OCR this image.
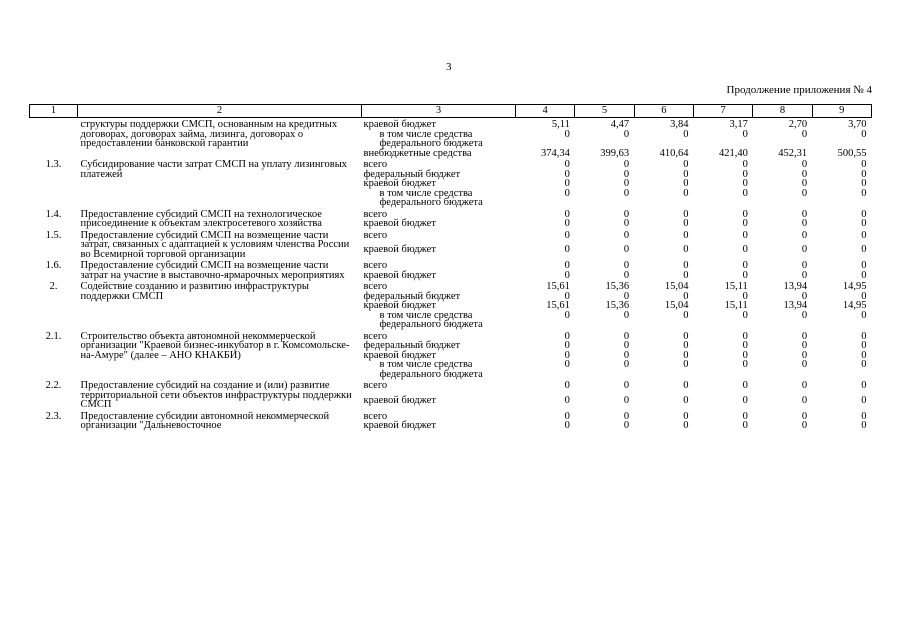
3
Продолжение приложения № 4
1	2	3	4	5	6	7	8	9
	структуры поддержки СМСП, основанным на кредитных договорах, договорах займа, лизинга, договорах о предоставлении банковской гарантии	краевой бюджет	5,11	4,47	3,84	3,17	2,70	3,70

		в том числе средства федерального бюджета	0	0	0	0	0	0

		внебюджетные средства	374,34	399,63	410,64	421,40	452,31	500,55
1.3.	Субсидирование части затрат СМСП на уплату лизинговых платежей	всего	0	0	0	0	0	0
		федеральный бюджет	0	0	0	0	0	0
		краевой бюджет	0	0	0	0	0	0

		в том числе средства федерального бюджета	0	0	0	0	0	0
1.4.	Предоставление субсидий СМСП на технологическое присоединение к объектам электросетевого хозяйства	всего	0	0	0	0	0	0
		краевой бюджет	0	0	0	0	0	0
1.5.	Предоставление субсидий СМСП на возмещение части затрат, связанных с адаптацией к условиям членства России во Всемирной торговой организации	всего	0	0	0	0	0	0
		краевой бюджет	0	0	0	0	0	0
1.6.	Предоставление субсидий СМСП на возмещение части затрат на участие в выставочно-ярмарочных мероприятиях	всего	0	0	0	0	0	0
		краевой бюджет	0	0	0	0	0	0
2.	Содействие созданию и развитию инфраструктуры поддержки СМСП	всего	15,61	15,36	15,04	15,11	13,94	14,95
		федеральный бюджет	0	0	0	0	0	0
		краевой бюджет	15,61	15,36	15,04	15,11	13,94	14,95

		в том числе средства федерального бюджета	0	0	0	0	0	0
2.1.	Строительство объекта автономной некоммерческой организации "Краевой бизнес-инкубатор в г. Комсомольске-на-Амуре" (далее – АНО КНАКБИ)	всего	0	0	0	0	0	0
		федеральный бюджет	0	0	0	0	0	0
		краевой бюджет	0	0	0	0	0	0

		в том числе средства федерального бюджета	0	0	0	0	0	0
2.2.	Предоставление субсидий на создание и (или) развитие территориальной сети объектов инфраструктуры поддержки СМСП	всего	0	0	0	0	0	0
		краевой бюджет	0	0	0	0	0	0
2.3.	Предоставление субсидии автономной некоммерческой организации "Дальневосточное	всего	0	0	0	0	0	0
		краевой бюджет	0	0	0	0	0	0
